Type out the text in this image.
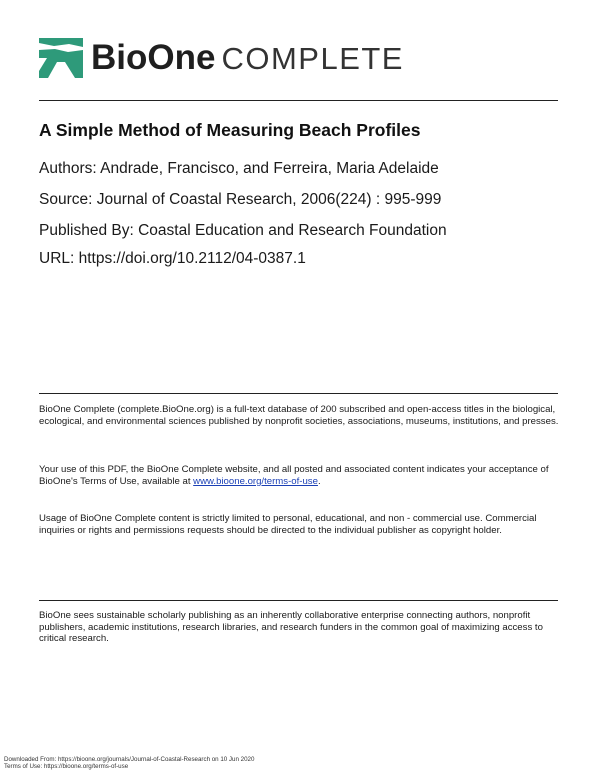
BioOne COMPLETE
A Simple Method of Measuring Beach Profiles
Authors: Andrade, Francisco, and Ferreira, Maria Adelaide
Source: Journal of Coastal Research, 2006(224) : 995-999
Published By: Coastal Education and Research Foundation
URL: https://doi.org/10.2112/04-0387.1
BioOne Complete (complete.BioOne.org) is a full-text database of 200 subscribed and open-access titles in the biological, ecological, and environmental sciences published by nonprofit societies, associations, museums, institutions, and presses.
Your use of this PDF, the BioOne Complete website, and all posted and associated content indicates your acceptance of BioOne's Terms of Use, available at www.bioone.org/terms-of-use.
Usage of BioOne Complete content is strictly limited to personal, educational, and non - commercial use. Commercial inquiries or rights and permissions requests should be directed to the individual publisher as copyright holder.
BioOne sees sustainable scholarly publishing as an inherently collaborative enterprise connecting authors, nonprofit publishers, academic institutions, research libraries, and research funders in the common goal of maximizing access to critical research.
Downloaded From: https://bioone.org/journals/Journal-of-Coastal-Research on 10 Jun 2020
Terms of Use: https://bioone.org/terms-of-use
